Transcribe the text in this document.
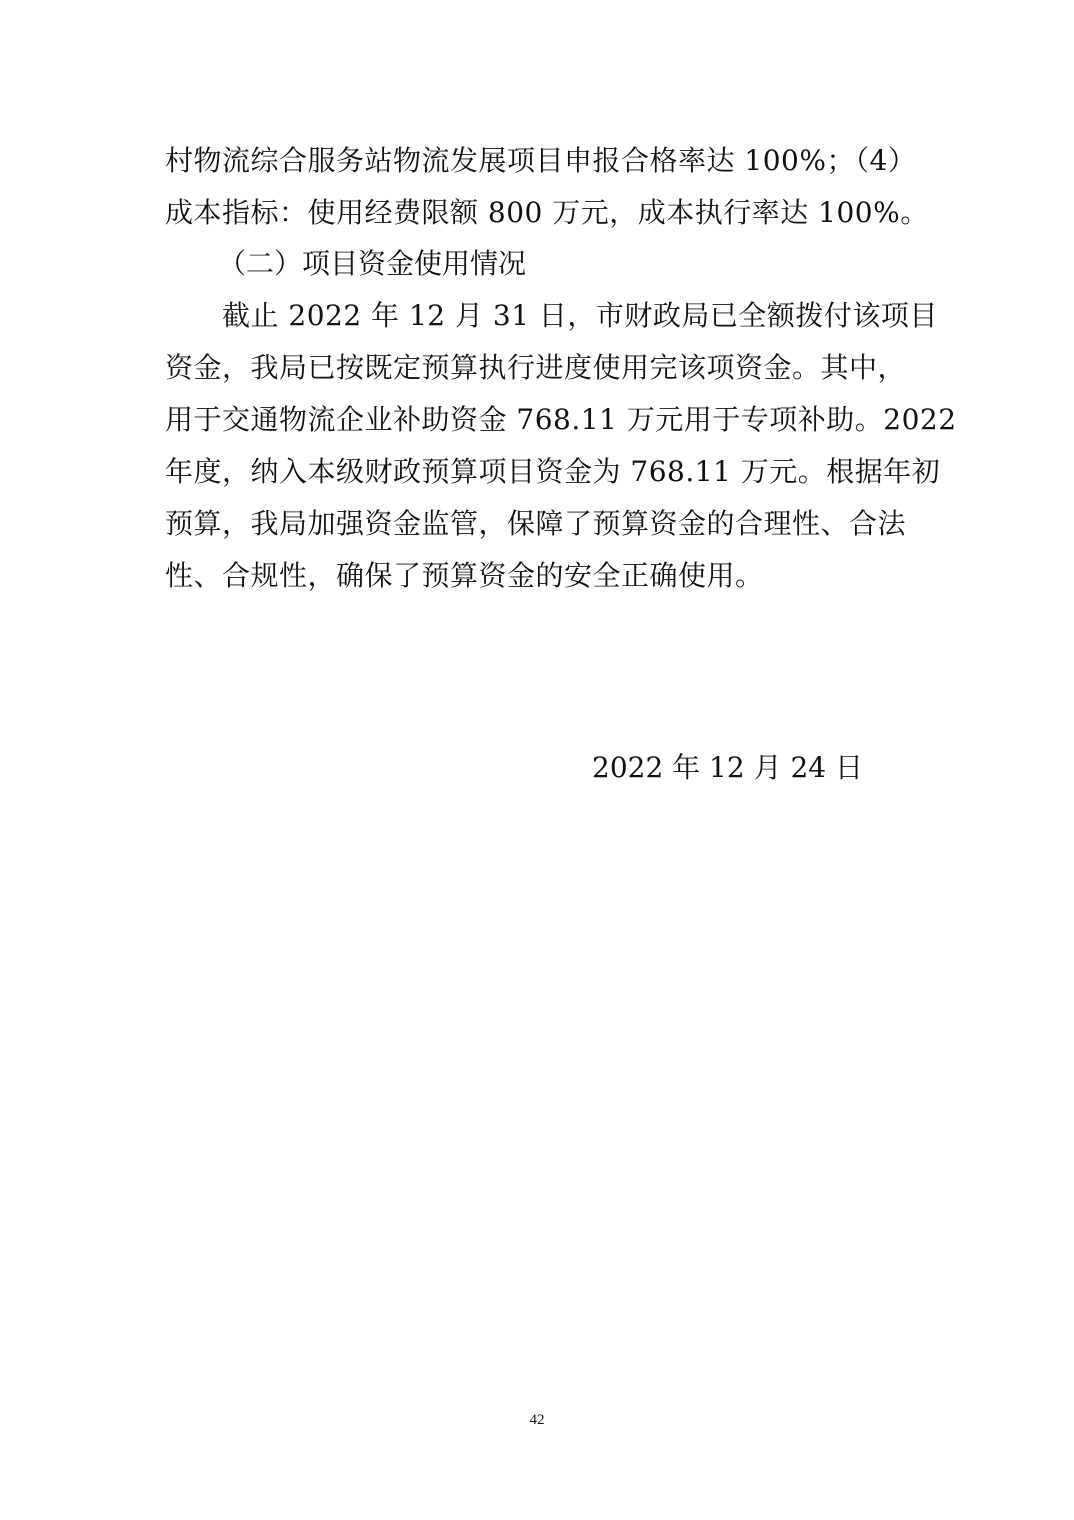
村物流综合服务站物流发展项目申报合格率达 100%；（4）
成本指标：使用经费限额 800 万元，成本执行率达 100%。
（二）项目资金使用情况
截止 2022 年 12 月 31 日，市财政局已全额拨付该项目
资金，我局已按既定预算执行进度使用完该项资金。其中，
用于交通物流企业补助资金 768.11 万元用于专项补助。2022
年度，纳入本级财政预算项目资金为 768.11 万元。根据年初
预算，我局加强资金监管，保障了预算资金的合理性、合法
性、合规性，确保了预算资金的安全正确使用。
2022 年 12 月 24 日
42
